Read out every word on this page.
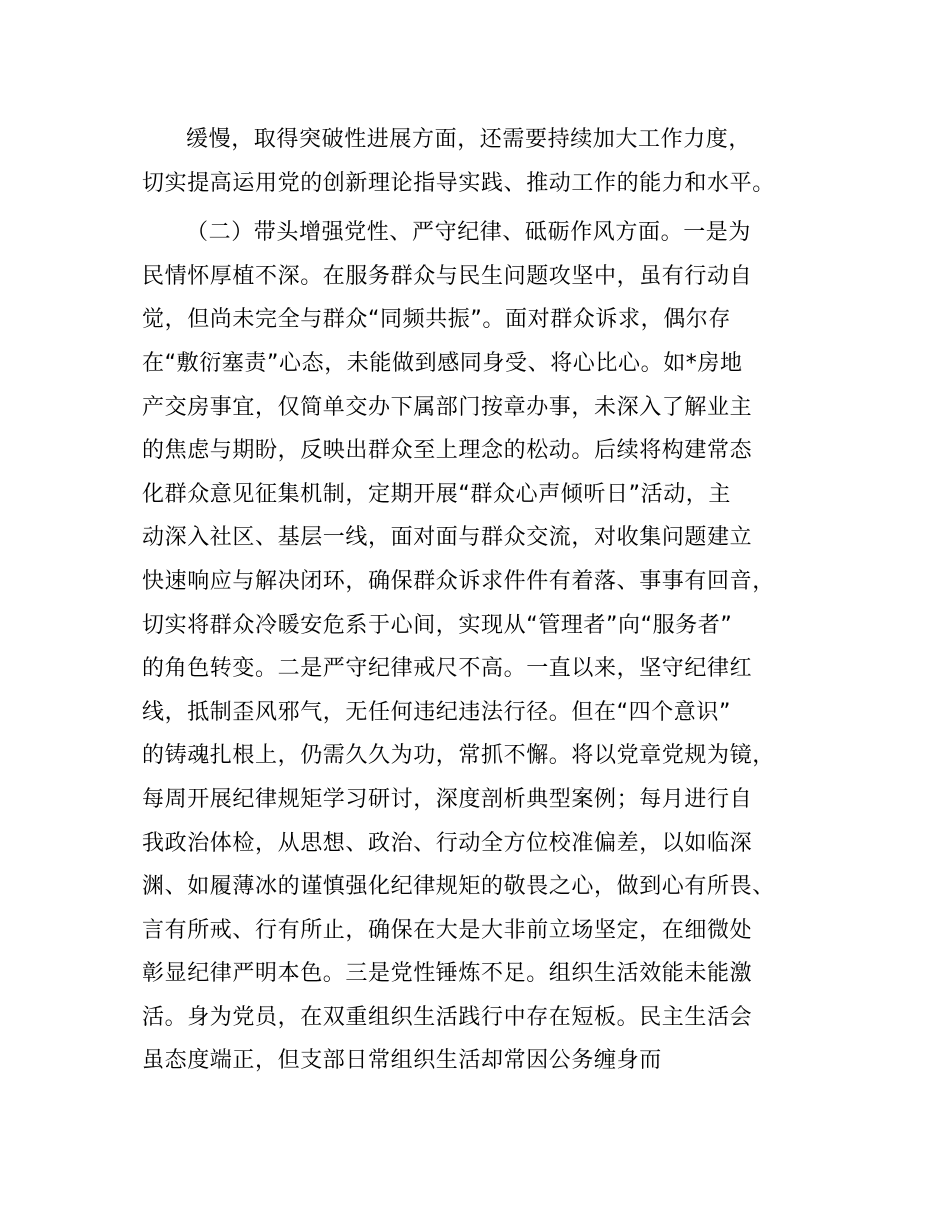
缓慢，取得突破性进展方面，还需要持续加大工作力度，
切实提高运用党的创新理论指导实践、推动工作的能力和水平。
（二）带头增强党性、严守纪律、砥砺作风方面。一是为
民情怀厚植不深。在服务群众与民生问题攻坚中，虽有行动自
觉，但尚未完全与群众“同频共振”。面对群众诉求，偶尔存
在“敷衍塞责”心态，未能做到感同身受、将心比心。如*房地
产交房事宜，仅简单交办下属部门按章办事，未深入了解业主
的焦虑与期盼，反映出群众至上理念的松动。后续将构建常态
化群众意见征集机制，定期开展“群众心声倾听日”活动，主
动深入社区、基层一线，面对面与群众交流，对收集问题建立
快速响应与解决闭环，确保群众诉求件件有着落、事事有回音，
切实将群众冷暖安危系于心间，实现从“管理者”向“服务者”
的角色转变。二是严守纪律戒尺不高。一直以来，坚守纪律红
线，抵制歪风邪气，无任何违纪违法行径。但在“四个意识”
的铸魂扎根上，仍需久久为功，常抓不懈。将以党章党规为镜，
每周开展纪律规矩学习研讨，深度剖析典型案例；每月进行自
我政治体检，从思想、政治、行动全方位校准偏差，以如临深
渊、如履薄冰的谨慎强化纪律规矩的敬畏之心，做到心有所畏、
言有所戒、行有所止，确保在大是大非前立场坚定，在细微处
彰显纪律严明本色。三是党性锤炼不足。组织生活效能未能激
活。身为党员，在双重组织生活践行中存在短板。民主生活会
虽态度端正，但支部日常组织生活却常因公务缠身而
